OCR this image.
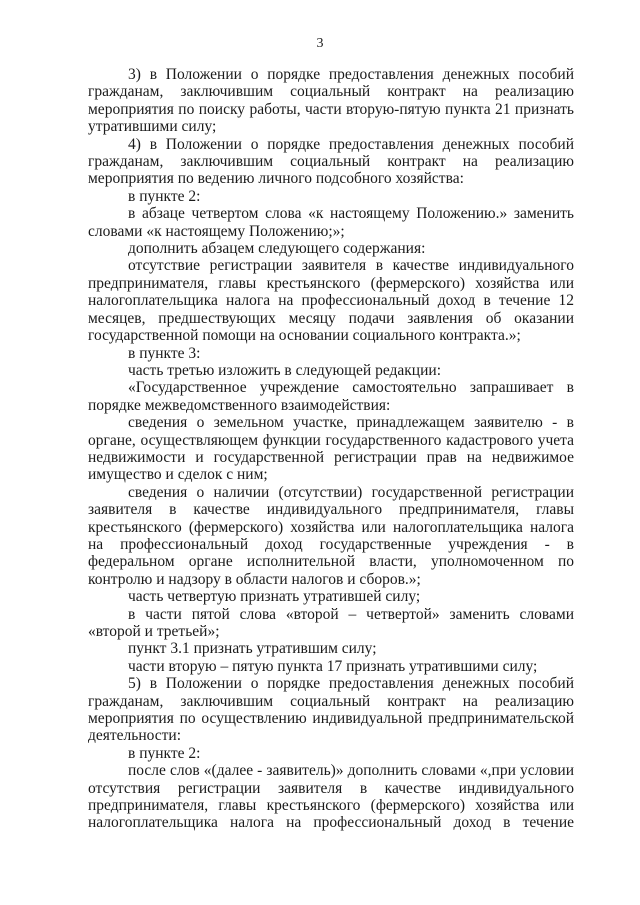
3

3) в Положении о порядке предоставления денежных пособий гражданам, заключившим социальный контракт на реализацию мероприятия по поиску работы, части вторую-пятую пункта 21 признать утратившими силу;

4) в Положении о порядке предоставления денежных пособий гражданам, заключившим социальный контракт на реализацию мероприятия по ведению личного подсобного хозяйства:

в пункте 2:

в абзаце четвертом слова «к настоящему Положению.» заменить словами «к настоящему Положению;»;

дополнить абзацем следующего содержания:

отсутствие регистрации заявителя в качестве индивидуального предпринимателя, главы крестьянского (фермерского) хозяйства или налогоплательщика налога на профессиональный доход в течение 12 месяцев, предшествующих месяцу подачи заявления об оказании государственной помощи на основании социального контракта.»;

в пункте 3:

часть третью изложить в следующей редакции:

«Государственное учреждение самостоятельно запрашивает в порядке межведомственного взаимодействия:

сведения о земельном участке, принадлежащем заявителю - в органе, осуществляющем функции государственного кадастрового учета недвижимости и государственной регистрации прав на недвижимое имущество и сделок с ним;

сведения о наличии (отсутствии) государственной регистрации заявителя в качестве индивидуального предпринимателя, главы крестьянского (фермерского) хозяйства или налогоплательщика налога на профессиональный доход государственные учреждения - в федеральном органе исполнительной власти, уполномоченном по контролю и надзору в области налогов и сборов.»;

часть четвертую признать утратившей силу;

в части пятой слова «второй – четвертой» заменить словами «второй и третьей»;

пункт 3.1 признать утратившим силу;

части вторую – пятую пункта 17 признать утратившими силу;

5) в Положении о порядке предоставления денежных пособий гражданам, заключившим социальный контракт на реализацию мероприятия по осуществлению индивидуальной предпринимательской деятельности:

в пункте 2:

после слов «(далее - заявитель)» дополнить словами «,при условии отсутствия регистрации заявителя в качестве индивидуального предпринимателя, главы крестьянского (фермерского) хозяйства или налогоплательщика налога на профессиональный доход в течение
